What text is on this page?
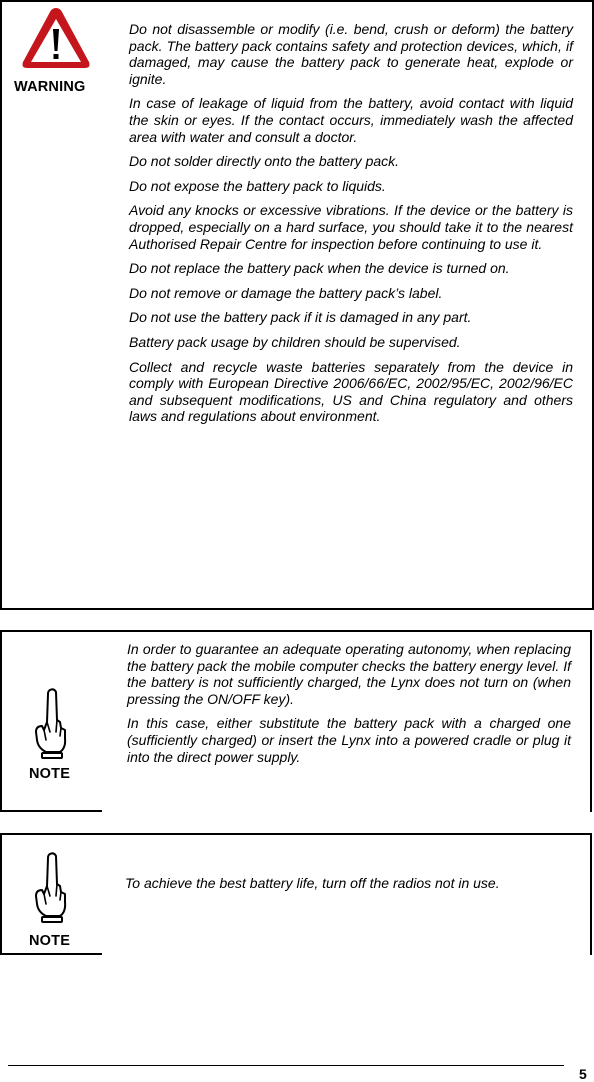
WARNING

Do not disassemble or modify (i.e. bend, crush or deform) the battery pack. The battery pack contains safety and protection devices, which, if damaged, may cause the battery pack to generate heat, explode or ignite.

In case of leakage of liquid from the battery, avoid contact with liquid the skin or eyes. If the contact occurs, immediately wash the affected area with water and consult a doctor.

Do not solder directly onto the battery pack.

Do not expose the battery pack to liquids.

Avoid any knocks or excessive vibrations. If the device or the battery is dropped, especially on a hard surface, you should take it to the nearest Authorised Repair Centre for inspection before continuing to use it.

Do not replace the battery pack when the device is turned on.

Do not remove or damage the battery pack’s label.

Do not use the battery pack if it is damaged in any part.

Battery pack usage by children should be supervised.

Collect and recycle waste batteries separately from the device in comply with European Directive 2006/66/EC, 2002/95/EC, 2002/96/EC and subsequent modifications, US and China regulatory and others laws and regulations about environment.

NOTE

In order to guarantee an adequate operating autonomy, when replacing the battery pack the mobile computer checks the battery energy level. If the battery is not sufficiently charged, the Lynx does not turn on (when pressing the ON/OFF key).

In this case, either substitute the battery pack with a charged one (sufficiently charged) or insert the Lynx into a powered cradle or plug it into the direct power supply.

NOTE

To achieve the best battery life, turn off the radios not in use.

5
